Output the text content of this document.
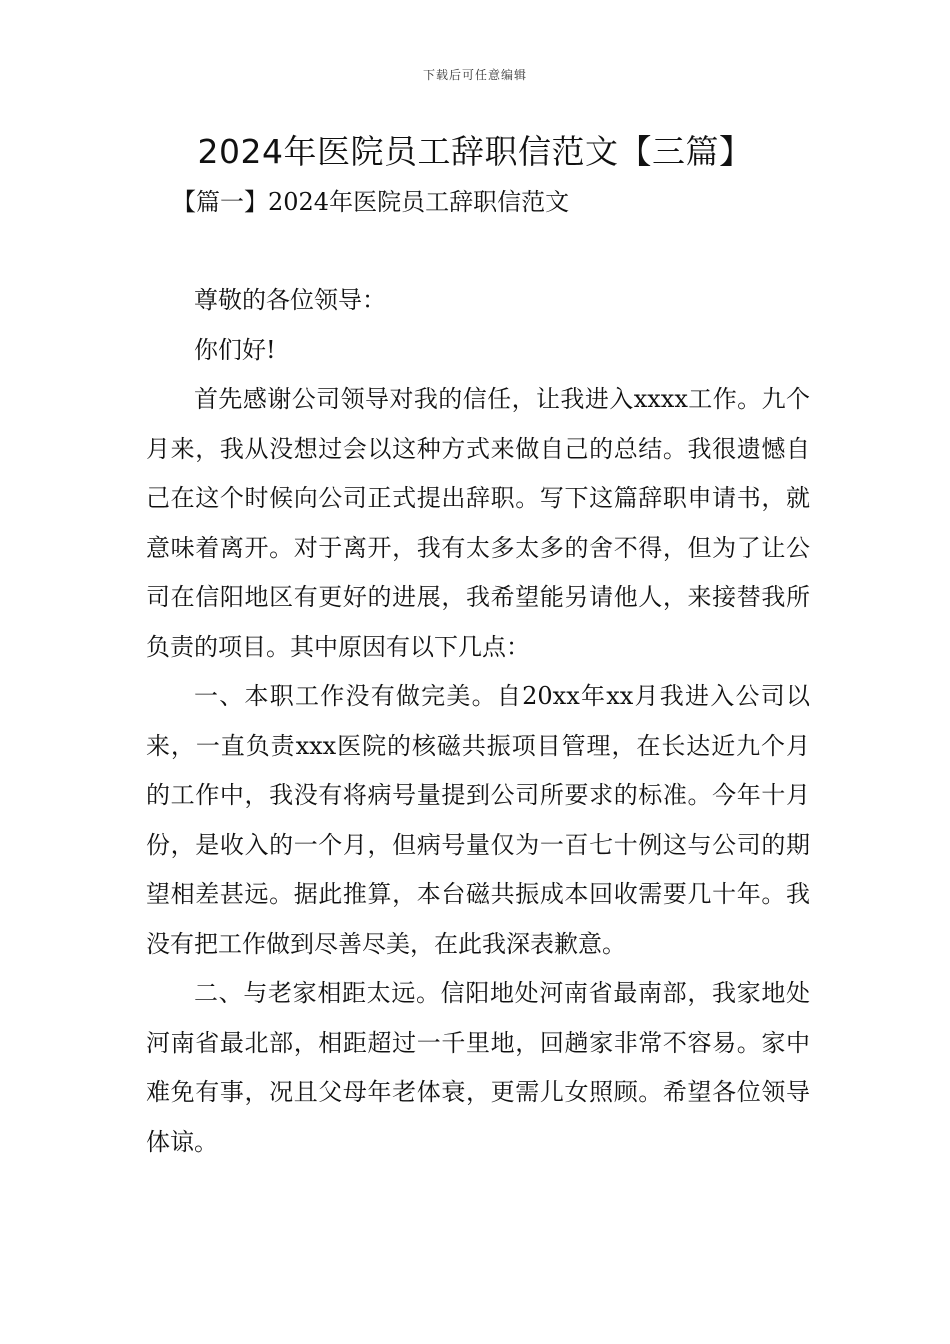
下载后可任意编辑
2024年医院员工辞职信范文【三篇】
【篇一】2024年医院员工辞职信范文

尊敬的各位领导：

你们好!

首先感谢公司领导对我的信任，让我进入xxxx工作。九个月来，我从没想过会以这种方式来做自己的总结。我很遗憾自己在这个时候向公司正式提出辞职。写下这篇辞职申请书，就意味着离开。对于离开，我有太多太多的舍不得，但为了让公司在信阳地区有更好的进展，我希望能另请他人，来接替我所负责的项目。其中原因有以下几点：

一、本职工作没有做完美。自20xx年xx月我进入公司以来，一直负责xxx医院的核磁共振项目管理，在长达近九个月的工作中，我没有将病号量提到公司所要求的标准。今年十月份，是收入的一个月，但病号量仅为一百七十例这与公司的期望相差甚远。据此推算，本台磁共振成本回收需要几十年。我没有把工作做到尽善尽美，在此我深表歉意。

二、与老家相距太远。信阳地处河南省最南部，我家地处河南省最北部，相距超过一千里地，回趟家非常不容易。家中难免有事，况且父母年老体衰，更需儿女照顾。希望各位领导体谅。
